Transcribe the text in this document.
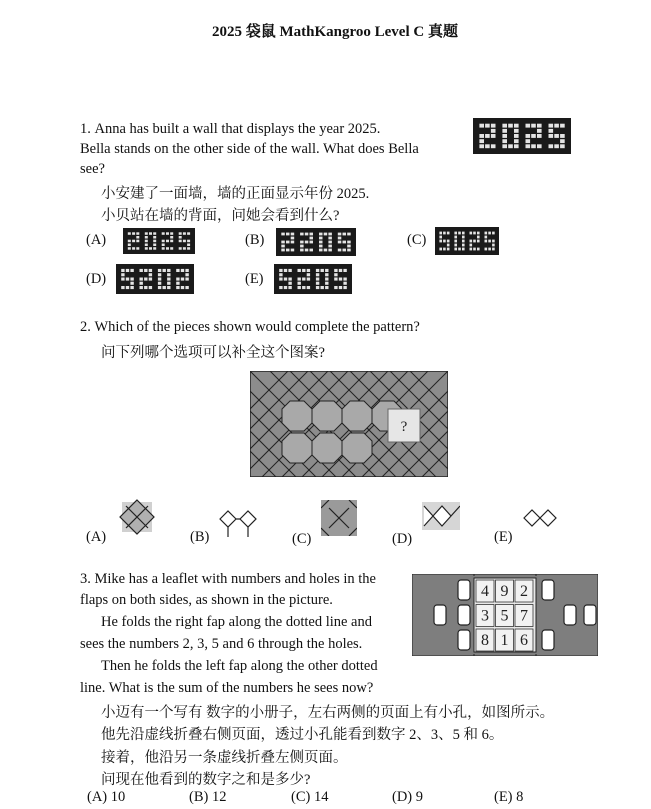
2025 袋鼠 MathKangroo Level C 真题
1. Anna has built a wall that displays the year 2025.
Bella stands on the other side of the wall. What does Bella
see?
小安建了一面墙，墙的正面显示年份 2025.
小贝站在墙的背面，问她会看到什么?
(A)	(B)	(C)
(D)	(E)
2. Which of the pieces shown would complete the pattern?
问下列哪个选项可以补全这个图案?
?
(A)	(B)	(C)	(D)	(E)
3. Mike has a leaflet with numbers and holes in the
flaps on both sides, as shown in the picture.
He folds the right fap along the dotted line and
sees the numbers 2, 3, 5 and 6 through the holes.
Then he folds the left fap along the other dotted
line. What is the sum of the numbers he sees now?
小迈有一个写有 数字的小册子，左右两侧的页面上有小孔，如图所示。
他先沿虚线折叠右侧页面，透过小孔能看到数字 2、3、5 和 6。
接着，他沿另一条虚线折叠左侧页面。
问现在他看到的数字之和是多少?
4 9 2
3 5 7
8 1 6
(A) 10	(B) 12	(C) 14	(D) 9	(E) 8
